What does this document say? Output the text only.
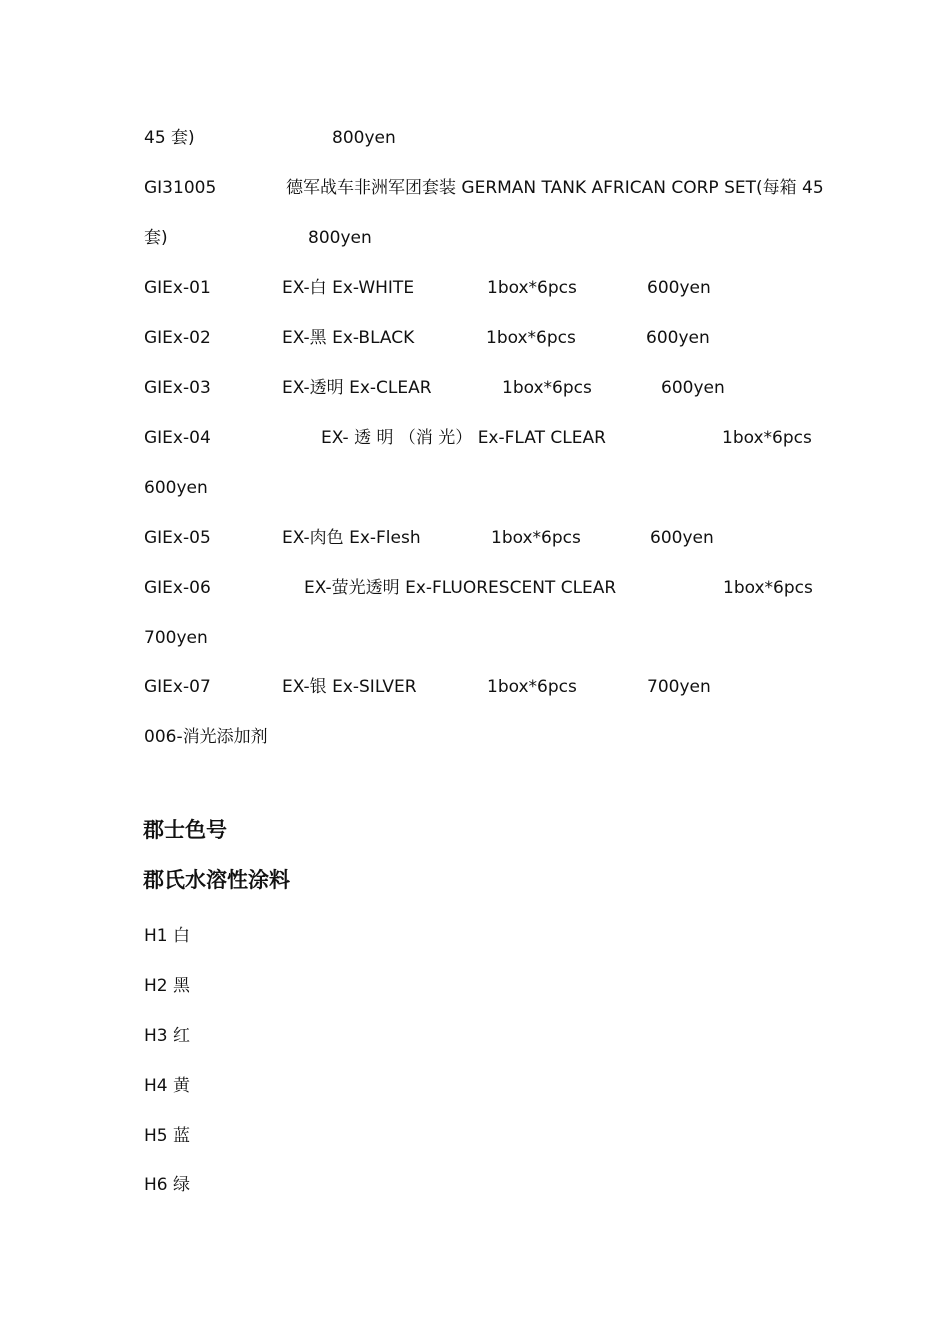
45 套)	800yen
GI31005	德军战车非洲军团套装 GERMAN TANK AFRICAN CORP SET(每箱 45
套)	800yen
GIEx-01	EX-白 Ex-WHITE	1box*6pcs	600yen
GIEx-02	EX-黑 Ex-BLACK	1box*6pcs	600yen
GIEx-03	EX-透明 Ex-CLEAR	1box*6pcs	600yen
GIEx-04	EX- 透 明 （消 光） Ex-FLAT CLEAR	1box*6pcs
600yen
GIEx-05	EX-肉色 Ex-Flesh	1box*6pcs	600yen
GIEx-06	EX-萤光透明 Ex-FLUORESCENT CLEAR	1box*6pcs
700yen
GIEx-07	EX-银 Ex-SILVER	1box*6pcs	700yen
006-消光添加剂
郡士色号
郡氏水溶性涂料
H1 白
H2 黑
H3 红
H4 黄
H5 蓝
H6 绿
